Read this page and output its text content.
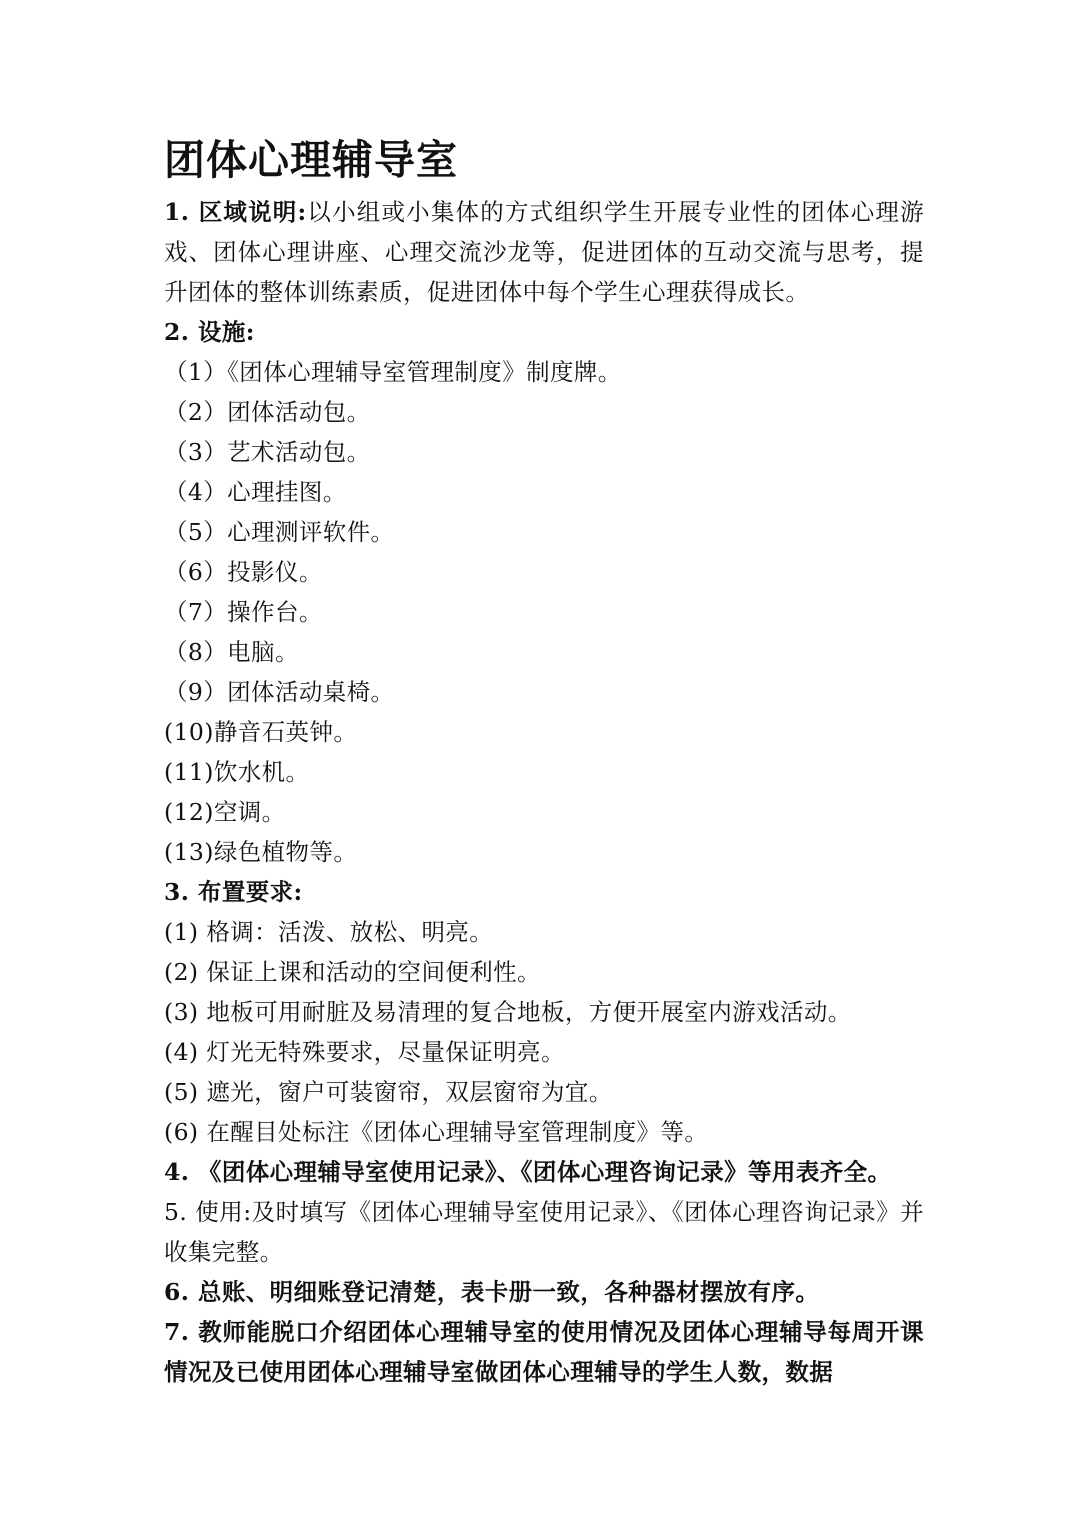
团体心理辅导室
1. 区域说明:以小组或小集体的方式组织学生开展专业性的团体心理游戏、团体心理讲座、心理交流沙龙等，促进团体的互动交流与思考，提升团体的整体训练素质，促进团体中每个学生心理获得成长。
2. 设施:
（1）《团体心理辅导室管理制度》制度牌。
（2）团体活动包。
（3）艺术活动包。
（4）心理挂图。
（5）心理测评软件。
（6）投影仪。
（7）操作台。
（8）电脑。
（9）团体活动桌椅。
(10)静音石英钟。
(11)饮水机。
(12)空调。
(13)绿色植物等。
3. 布置要求:
(1) 格调：活泼、放松、明亮。
(2) 保证上课和活动的空间便利性。
(3) 地板可用耐脏及易清理的复合地板，方便开展室内游戏活动。
(4) 灯光无特殊要求，尽量保证明亮。
(5) 遮光，窗户可装窗帘，双层窗帘为宜。
(6) 在醒目处标注《团体心理辅导室管理制度》等。
4. 《团体心理辅导室使用记录》、《团体心理咨询记录》等用表齐全。
5. 使用:及时填写《团体心理辅导室使用记录》、《团体心理咨询记录》并收集完整。
6. 总账、明细账登记清楚，表卡册一致，各种器材摆放有序。
7. 教师能脱口介绍团体心理辅导室的使用情况及团体心理辅导每周开课情况及已使用团体心理辅导室做团体心理辅导的学生人数，数据
